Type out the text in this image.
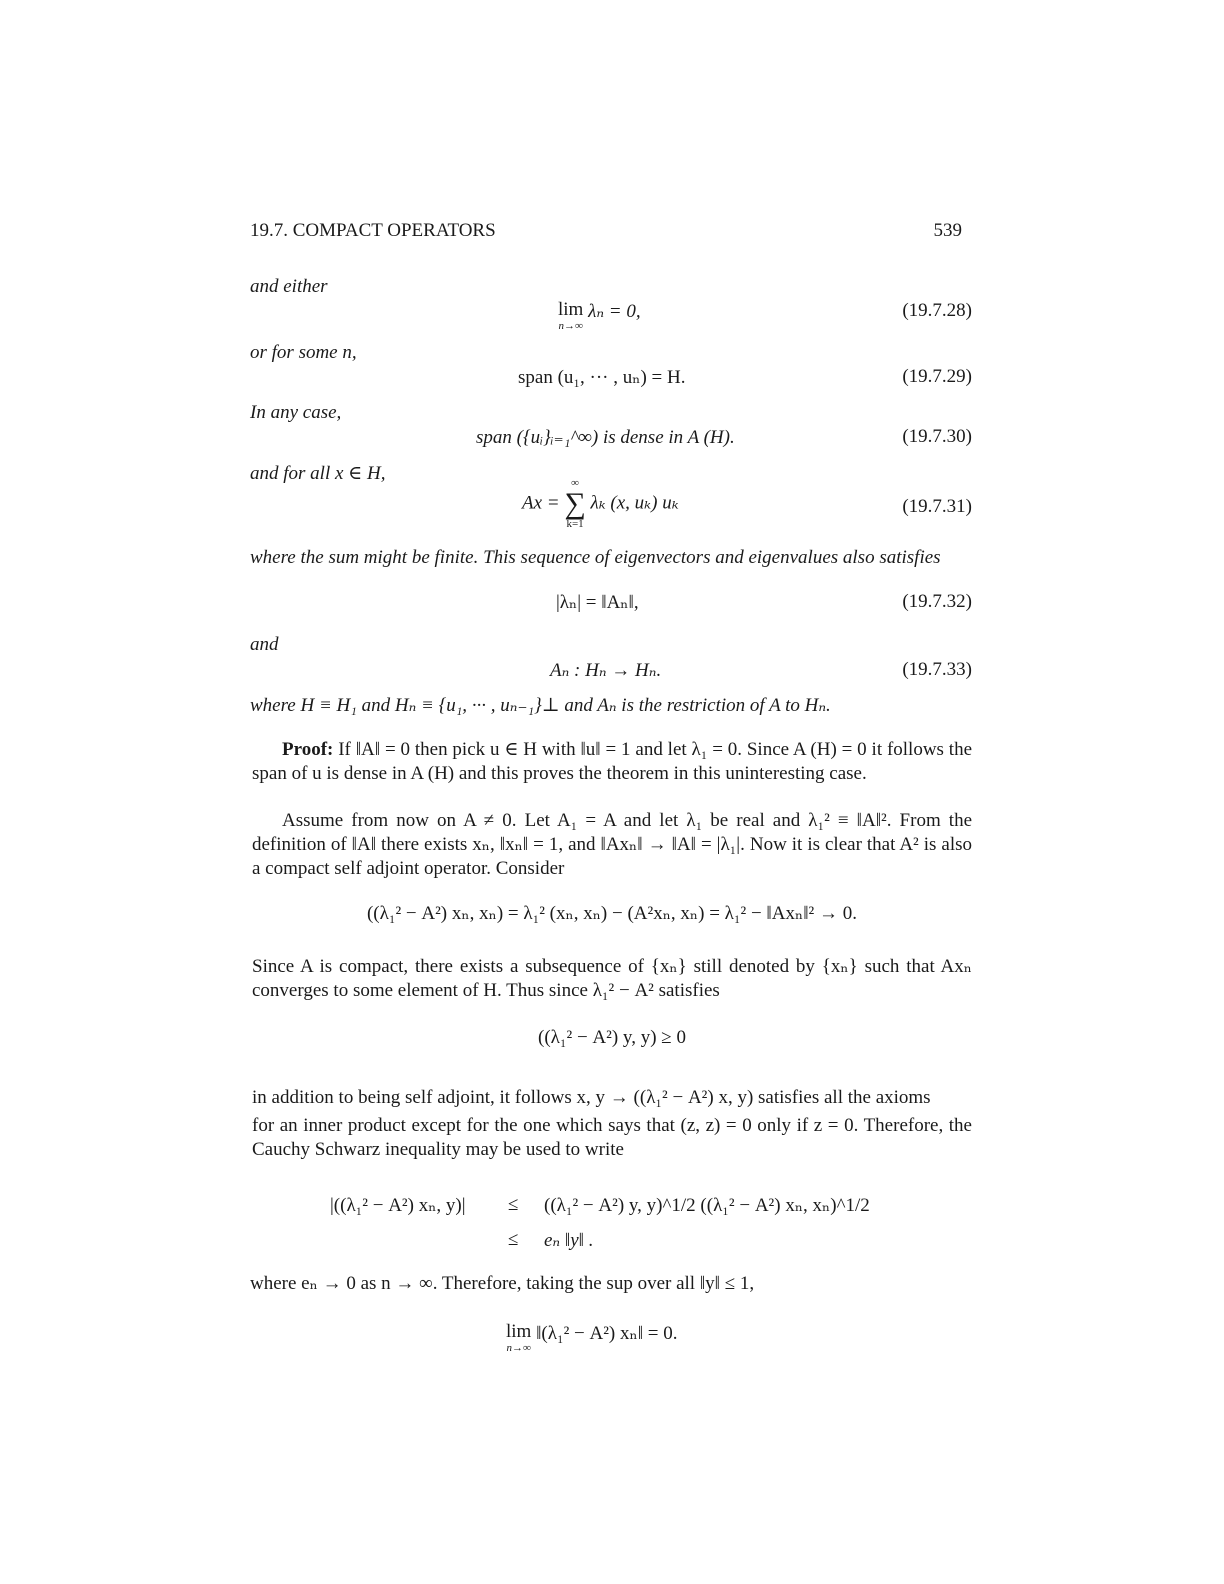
19.7. COMPACT OPERATORS	539
and either
lim
n→∞
λₙ = 0,	(19.7.28)
or for some n,
span (u₁, ··· , uₙ) = H.	(19.7.29)
In any case,
span ({uᵢ}ᵢ₌₁^∞) is dense in A (H).	(19.7.30)
and for all x ∈ H,
Ax =
∞
∑
k=1
λₖ (x, uₖ) uₖ	(19.7.31)
where the sum might be finite. This sequence of eigenvectors and eigenvalues also satisfies
|λₙ| = ‖Aₙ‖,	(19.7.32)
and
Aₙ : Hₙ → Hₙ.	(19.7.33)
where H ≡ H₁ and Hₙ ≡ {u₁, ··· , uₙ₋₁}⊥ and Aₙ is the restriction of A to Hₙ.
Proof: If ‖A‖ = 0 then pick u ∈ H with ‖u‖ = 1 and let λ₁ = 0. Since A (H) = 0 it follows the span of u is dense in A (H) and this proves the theorem in this uninteresting case.
Assume from now on A ≠ 0. Let A₁ = A and let λ₁ be real and λ₁² ≡ ‖A‖². From the definition of ‖A‖ there exists xₙ, ‖xₙ‖ = 1, and ‖Axₙ‖ → ‖A‖ = |λ₁|. Now it is clear that A² is also a compact self adjoint operator. Consider
((λ₁² − A²) xₙ, xₙ) = λ₁² (xₙ, xₙ) − (A²xₙ, xₙ) = λ₁² − ‖Axₙ‖² → 0.
Since A is compact, there exists a subsequence of {xₙ} still denoted by {xₙ} such that Axₙ converges to some element of H. Thus since λ₁² − A² satisfies
((λ₁² − A²) y, y) ≥ 0
in addition to being self adjoint, it follows x, y → ((λ₁² − A²) x, y) satisfies all the axioms
for an inner product except for the one which says that (z, z) = 0 only if z = 0. Therefore, the Cauchy Schwarz inequality may be used to write
|((λ₁² − A²) xₙ, y)| ≤ ((λ₁² − A²) y, y)^1/2 ((λ₁² − A²) xₙ, xₙ)^1/2
≤ eₙ ‖y‖ .
where eₙ → 0 as n → ∞. Therefore, taking the sup over all ‖y‖ ≤ 1,
lim
n→∞
‖(λ₁² − A²) xₙ‖ = 0.
